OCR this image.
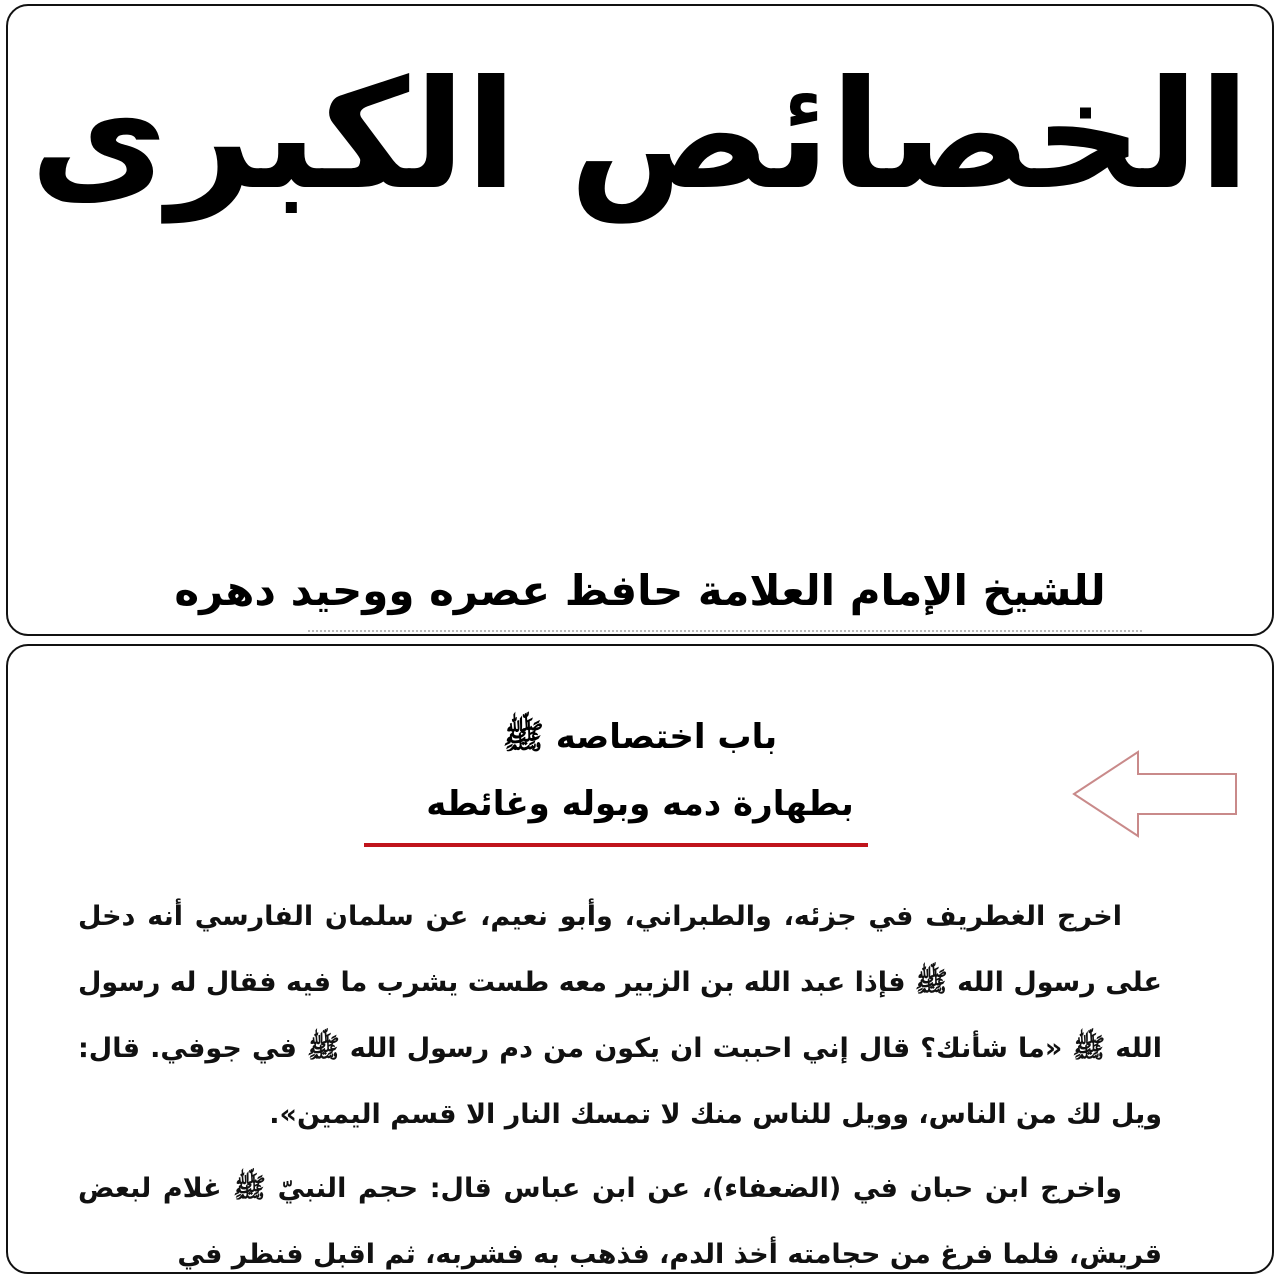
الخصائص الكبرى
للشيخ الإمام العلامة حافظ عصره ووحيد دهره
باب اختصاصه ﷺ
بطهارة دمه وبوله وغائطه

اخرج الغطريف في جزئه، والطبراني، وأبو نعيم، عن سلمان الفارسي أنه دخل على رسول الله ﷺ فإذا عبد الله بن الزبير معه طست يشرب ما فيه فقال له رسول الله ﷺ «ما شأنك؟ قال إني احببت ان يكون من دم رسول الله ﷺ في جوفي. قال: ويل لك من الناس، وويل للناس منك لا تمسك النار الا قسم اليمين».

واخرج ابن حبان في (الضعفاء)، عن ابن عباس قال: حجم النبيّ ﷺ غلام لبعض قريش، فلما فرغ من حجامته أخذ الدم، فذهب به فشربه، ثم اقبل فنظر في
